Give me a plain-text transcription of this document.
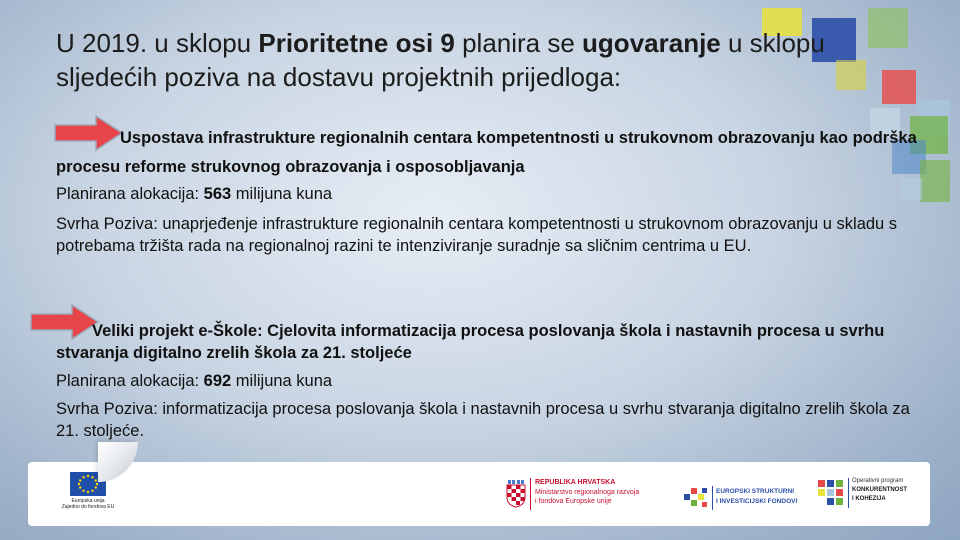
U 2019. u sklopu Prioritetne osi 9 planira se ugovaranje u sklopu sljedećih poziva na dostavu projektnih prijedloga:
Uspostava infrastrukture regionalnih centara kompetentnosti u strukovnom obrazovanju kao podrška procesu reforme strukovnog obrazovanja i osposobljavanja
Planirana alokacija: 563 milijuna kuna
Svrha Poziva: unaprjeđenje infrastrukture regionalnih centara kompetentnosti u strukovnom obrazovanju u skladu s potrebama tržišta rada na regionalnoj razini te intenziviranje suradnje sa sličnim centrima u EU.
Veliki projekt e-Škole: Cjelovita informatizacija procesa poslovanja škola i nastavnih procesa u svrhu stvaranja digitalno zrelih škola za 21. stoljeće
Planirana alokacija: 692 milijuna kuna
Svrha Poziva: informatizacija procesa poslovanja škola i nastavnih procesa u svrhu stvaranja digitalno zrelih škola za 21. stoljeće.
Europska unija
Zajedno do fondova EU
REPUBLIKA HRVATSKA
Ministarstvo regionalnoga razvoja
i fondova Europske unije
EUROPSKI STRUKTURNI
I INVESTICIJSKI FONDOVI
Operativni program
KONKURENTNOST
I KOHEZIJA
